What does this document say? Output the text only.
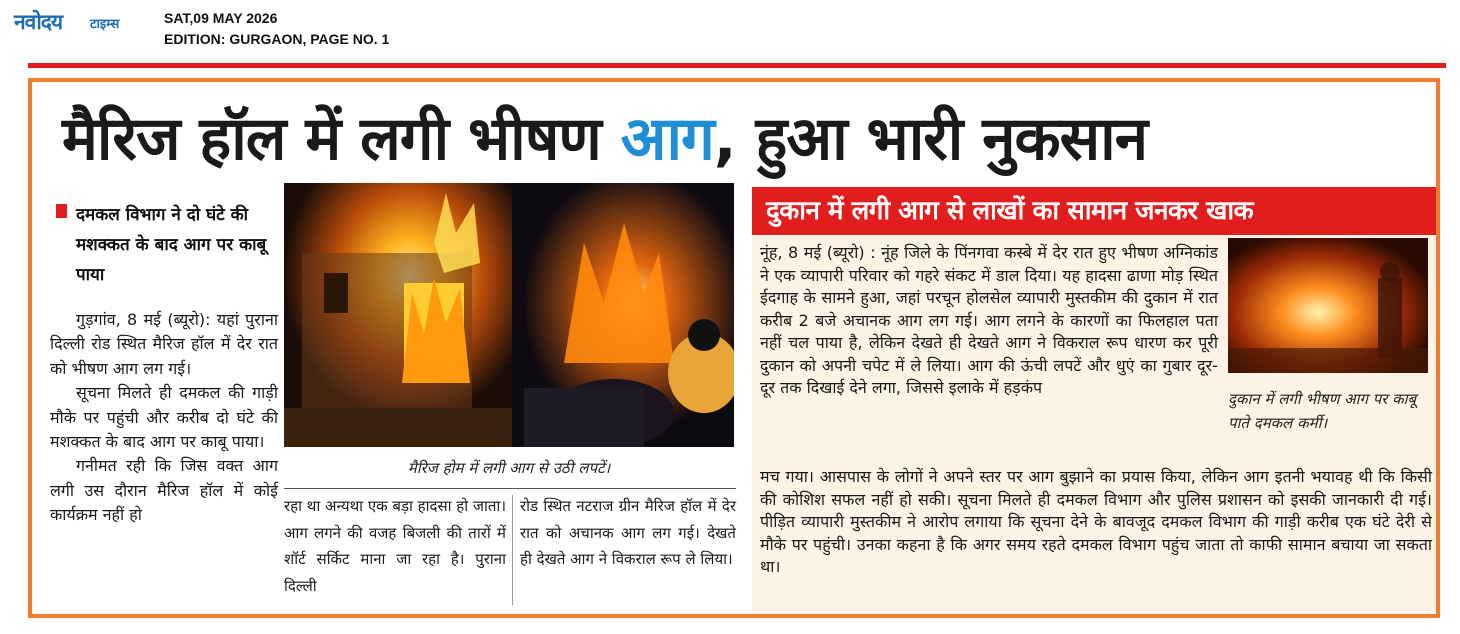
नवोदय टाइम्स	SAT,09 MAY 2026
EDITION: GURGAON, PAGE NO. 1
मैरिज हॉल में लगी भीषण आग, हुआ भारी नुकसान
दमकल विभाग ने दो घंटे की मशक्कत के बाद आग पर काबू पाया

गुड़गांव, 8 मई (ब्यूरो): यहां पुराना दिल्ली रोड स्थित मैरिज हॉल में देर रात को भीषण आग लग गई।

सूचना मिलते ही दमकल की गाड़ी मौके पर पहुंची और करीब दो घंटे की मशक्कत के बाद आग पर काबू पाया।

गनीमत रही कि जिस वक्त आग लगी उस दौरान मैरिज हॉल में कोई कार्यक्रम नहीं हो

मैरिज होम में लगी आग से उठी लपटें।
रहा था अन्यथा एक बड़ा हादसा हो जाता। आग लगने की वजह बिजली की तारों में शॉर्ट सर्किट माना जा रहा है। पुराना दिल्ली
रोड स्थित नटराज ग्रीन मैरिज हॉल में देर रात को अचानक आग लग गई। देखते ही देखते आग ने विकराल रूप ले लिया।
दुकान में लगी आग से लाखों का सामान जनकर खाक
नूंह, 8 मई (ब्यूरो) : नूंह जिले के पिंनगवा कस्बे में देर रात हुए भीषण अग्निकांड ने एक व्यापारी परिवार को गहरे संकट में डाल दिया। यह हादसा ढाणा मोड़ स्थित ईदगाह के सामने हुआ, जहां परचून होलसेल व्यापारी मुस्तकीम की दुकान में रात करीब 2 बजे अचानक आग लग गई। आग लगने के कारणों का फिलहाल पता नहीं चल पाया है, लेकिन देखते ही देखते आग ने विकराल रूप धारण कर पूरी दुकान को अपनी चपेट में ले लिया। आग की ऊंची लपटें और धुएं का गुबार दूर-दूर तक दिखाई देने लगा, जिससे इलाके में हड़कंप
दुकान में लगी भीषण आग पर काबू पाते दमकल कर्मी।
मच गया। आसपास के लोगों ने अपने स्तर पर आग बुझाने का प्रयास किया, लेकिन आग इतनी भयावह थी कि किसी की कोशिश सफल नहीं हो सकी। सूचना मिलते ही दमकल विभाग और पुलिस प्रशासन को इसकी जानकारी दी गई। पीड़ित व्यापारी मुस्तकीम ने आरोप लगाया कि सूचना देने के बावजूद दमकल विभाग की गाड़ी करीब एक घंटे देरी से मौके पर पहुंची। उनका कहना है कि अगर समय रहते दमकल विभाग पहुंच जाता तो काफी सामान बचाया जा सकता था।
